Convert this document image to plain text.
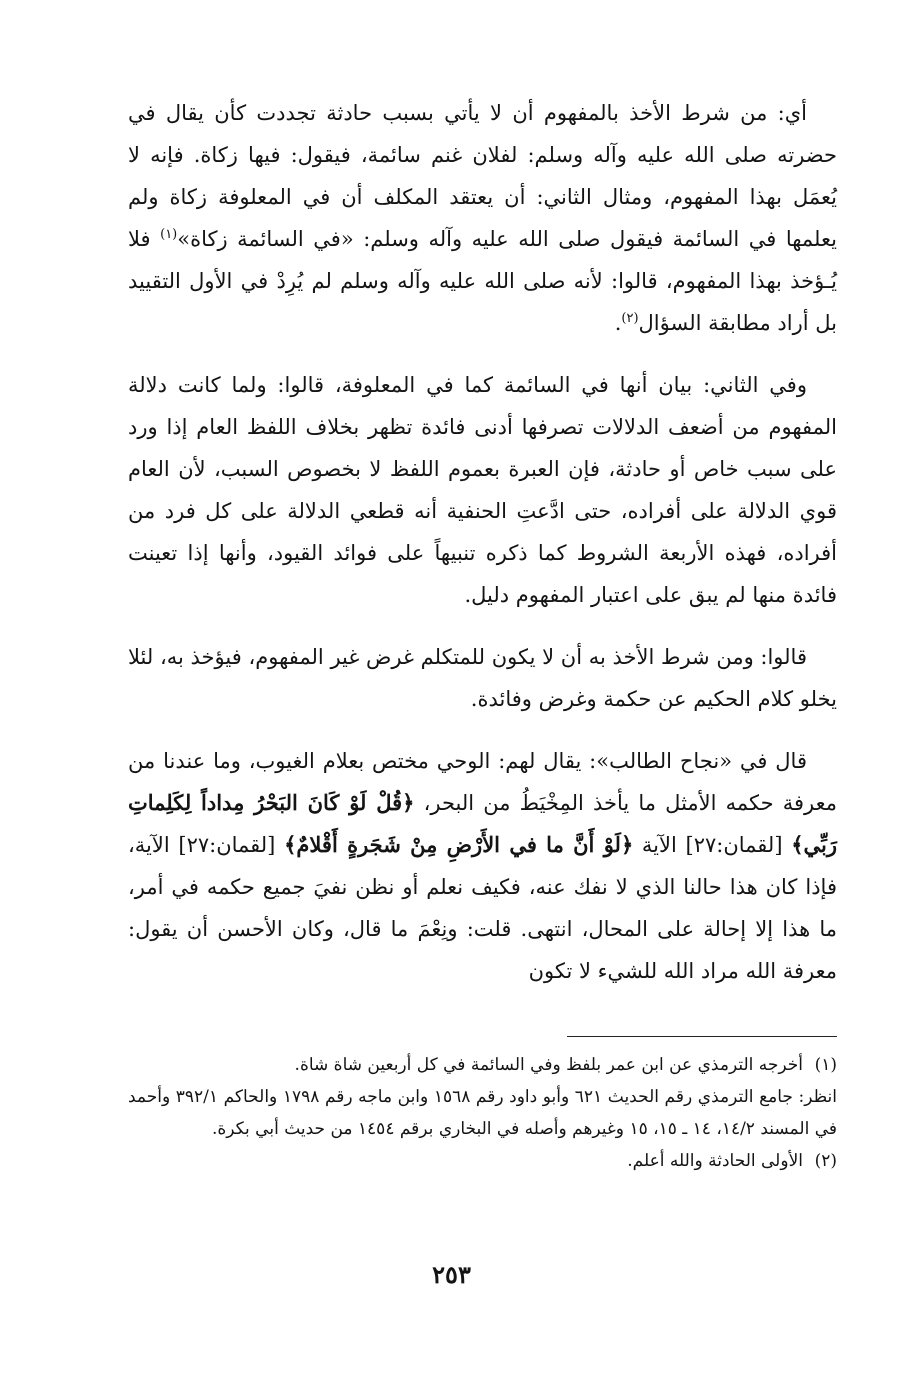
أي: من شرط الأخذ بالمفهوم أن لا يأتي بسبب حادثة تجددت كأن يقال في حضرته صلى الله عليه وآله وسلم: لفلان غنم سائمة، فيقول: فيها زكاة. فإنه لا يُعمَل بهذا المفهوم، ومثال الثاني: أن يعتقد المكلف أن في المعلوفة زكاة ولم يعلمها في السائمة فيقول صلى الله عليه وآله وسلم: «في السائمة زكاة»$^{(١)}$ فلا يُـؤخذ بهذا المفهوم، قالوا: لأنه صلى الله عليه وآله وسلم لم يُرِدْ في الأول التقييد بل أراد مطابقة السؤال$^{(٢)}$.

وفي الثاني: بيان أنها في السائمة كما في المعلوفة، قالوا: ولما كانت دلالة المفهوم من أضعف الدلالات تصرفها أدنى فائدة تظهر بخلاف اللفظ العام إذا ورد على سبب خاص أو حادثة، فإن العبرة بعموم اللفظ لا بخصوص السبب، لأن العام قوي الدلالة على أفراده، حتى ادَّعتِ الحنفية أنه قطعي الدلالة على كل فرد من أفراده، فهذه الأربعة الشروط كما ذكره تنبيهاً على فوائد القيود، وأنها إذا تعينت فائدة منها لم يبق على اعتبار المفهوم دليل.

قالوا: ومن شرط الأخذ به أن لا يكون للمتكلم غرض غير المفهوم، فيؤخذ به، لئلا يخلو كلام الحكيم عن حكمة وغرض وفائدة.

قال في «نجاح الطالب»: يقال لهم: الوحي مختص بعلام الغيوب، وما عندنا من معرفة حكمه الأمثل ما يأخذ المِخْيَطُ من البحر، ﴿قُلْ لَوْ كَانَ البَحْرُ مِداداً لِكَلِماتِ رَبِّي﴾ [لقمان:٢٧] الآية ﴿لَوْ أَنَّ ما في الأَرْضِ مِنْ شَجَرةٍ أَقْلامٌ﴾ [لقمان:٢٧] الآية، فإذا كان هذا حالنا الذي لا نفك عنه، فكيف نعلم أو نظن نفيَ جميع حكمه في أمر، ما هذا إلا إحالة على المحال، انتهى. قلت: ونِعْمَ ما قال، وكان الأحسن أن يقول: معرفة الله مراد الله للشيء لا تكون

(١)أخرجه الترمذي عن ابن عمر بلفظ وفي السائمة في كل أربعين شاة شاة.

انظر: جامع الترمذي رقم الحديث ٦٢١ وأبو داود رقم ١٥٦٨ وابن ماجه رقم ١٧٩٨ والحاكم ٣٩٢/١ وأحمد في المسند ١٤/٢، ١٤ ـ ١٥، ١٥ وغيرهم وأصله في البخاري برقم ١٤٥٤ من حديث أبي بكرة.

(٢)الأولى الحادثة والله أعلم.

٢٥٣
